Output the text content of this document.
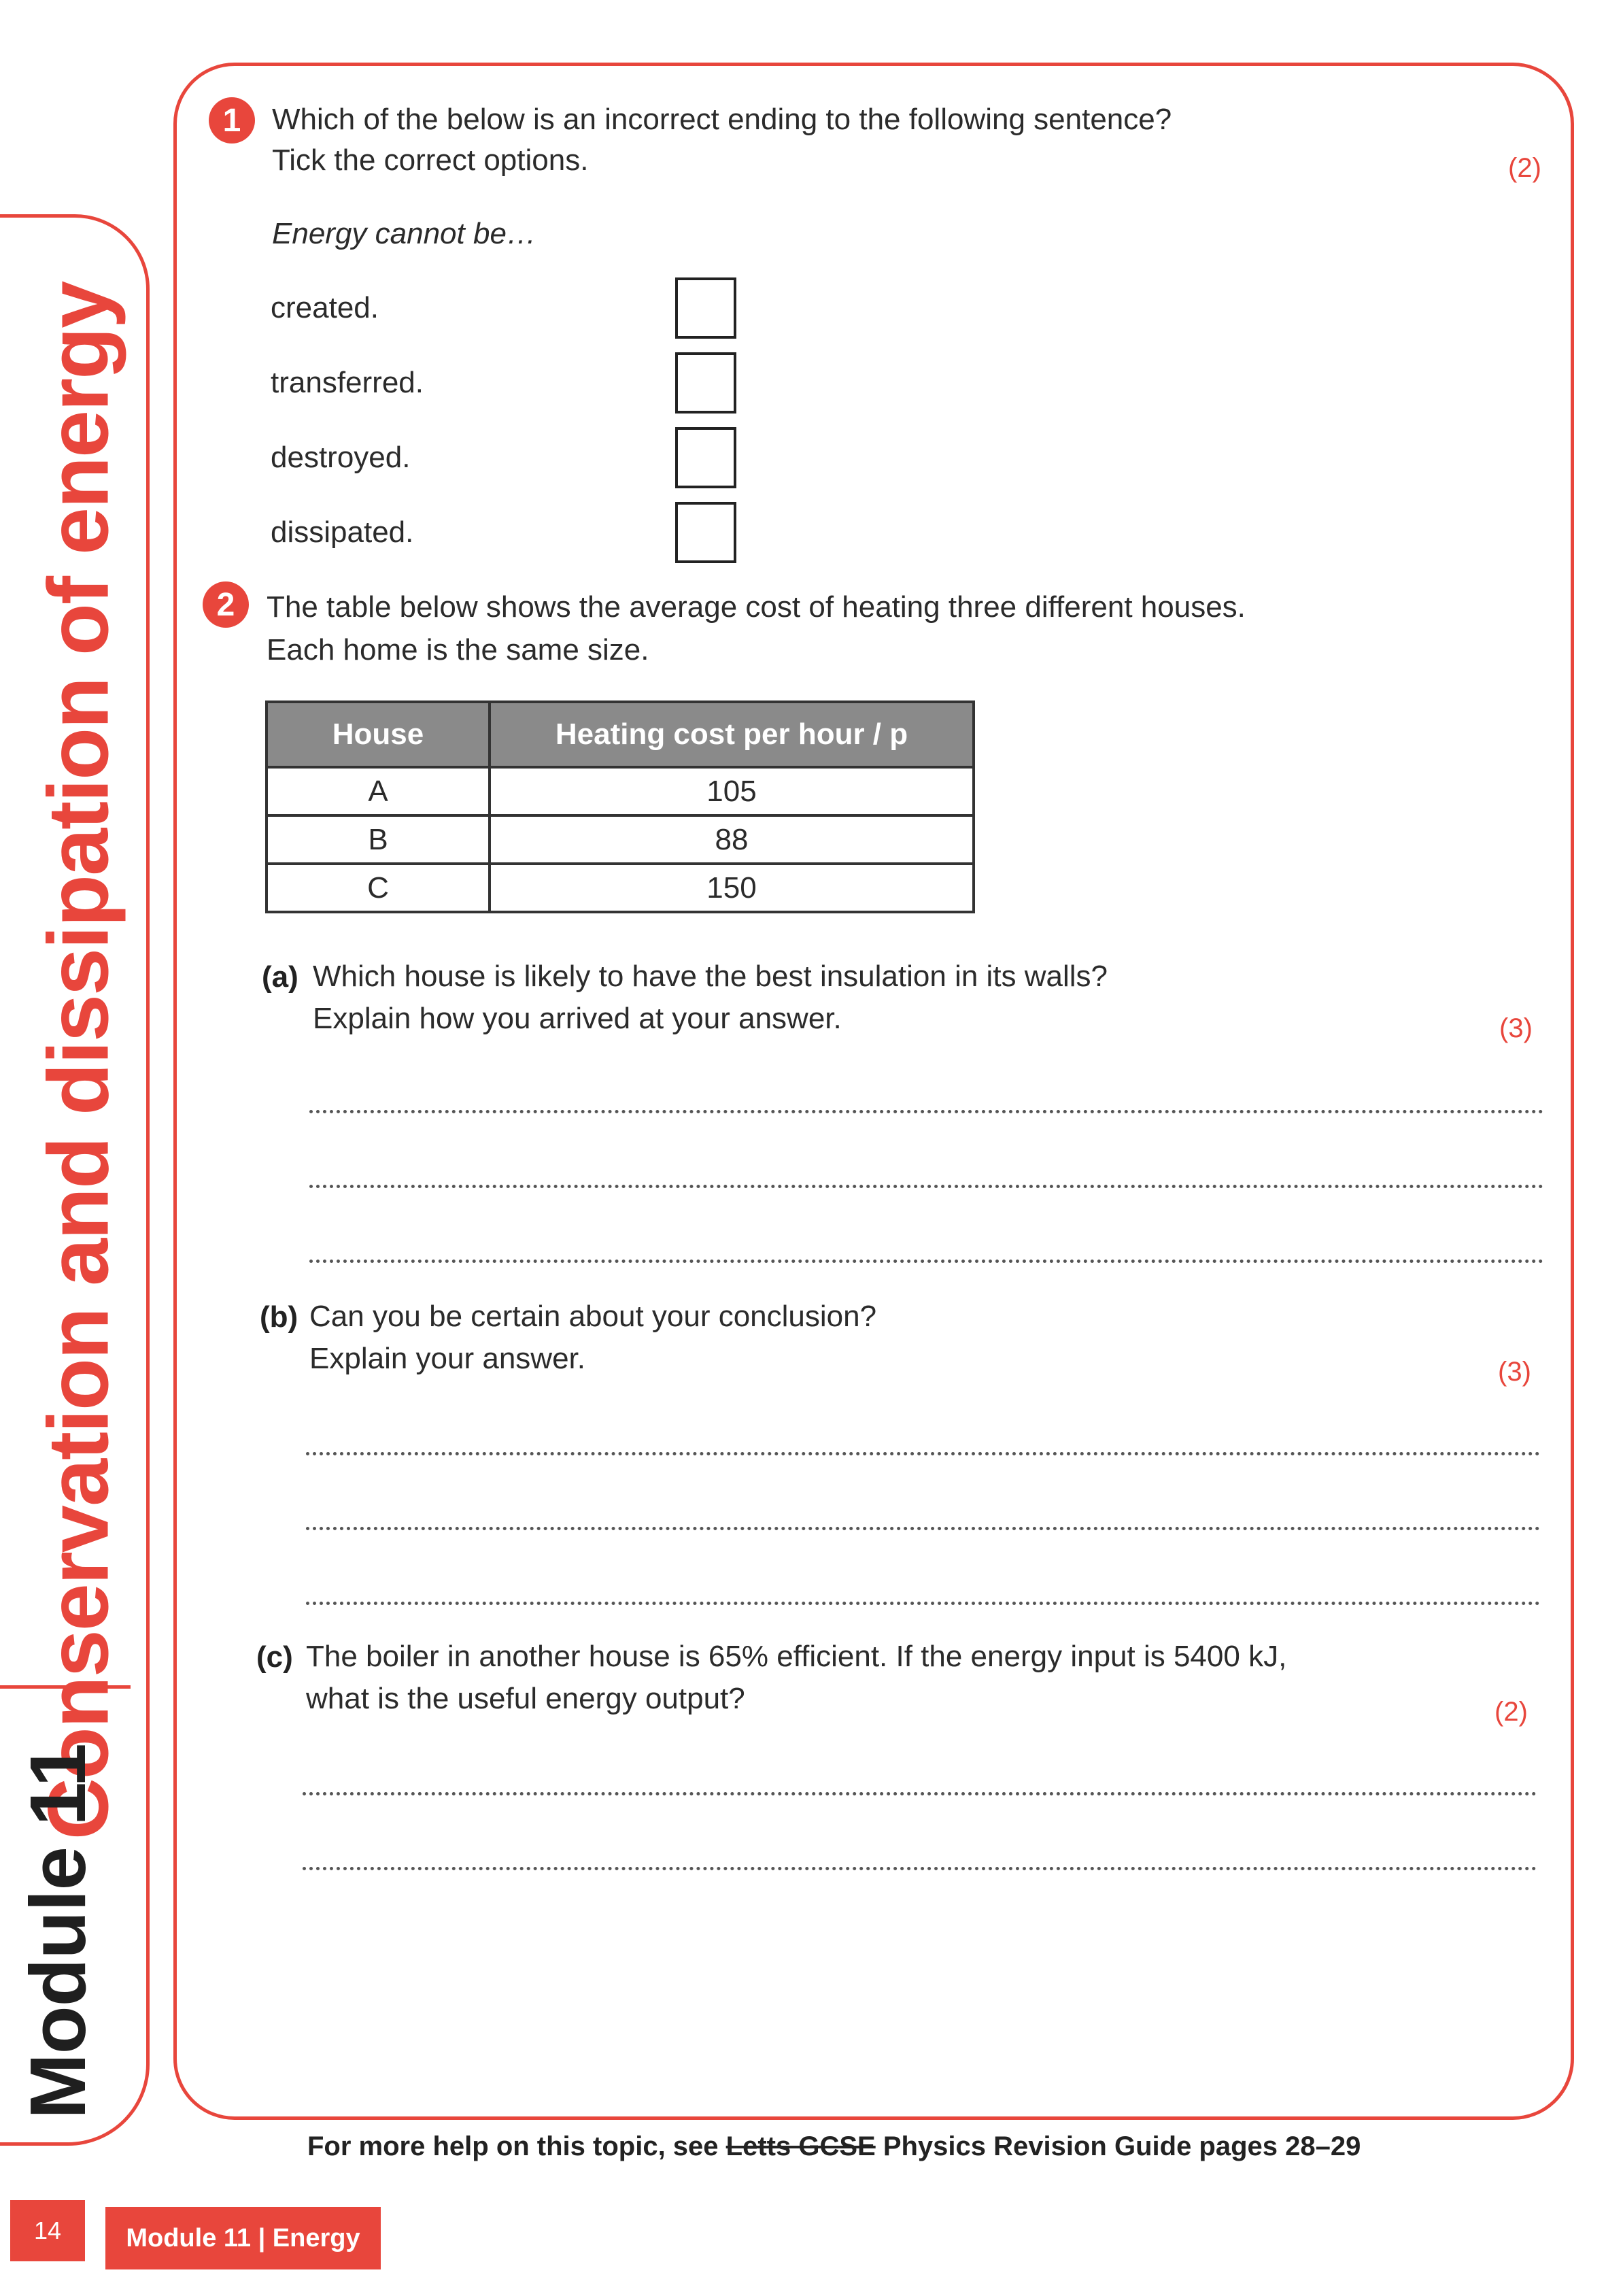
Conservation and dissipation of energy
Module 11
1	Which of the below is an incorrect ending to the following sentence?
Tick the correct options.	(2)
Energy cannot be…
created.
transferred.
destroyed.
dissipated.
2	The table below shows the average cost of heating three different houses.
Each home is the same size.
House	Heating cost per hour / p
A	105
B	88
C	150
(a) Which house is likely to have the best insulation in its walls?
Explain how you arrived at your answer.	(3)
(b) Can you be certain about your conclusion?
Explain your answer.	(3)
(c) The boiler in another house is 65% efficient. If the energy input is 5400 kJ,
what is the useful energy output?	(2)
For more help on this topic, see Letts GCSE Physics Revision Guide pages 28–29
14	Module 11 | Energy
